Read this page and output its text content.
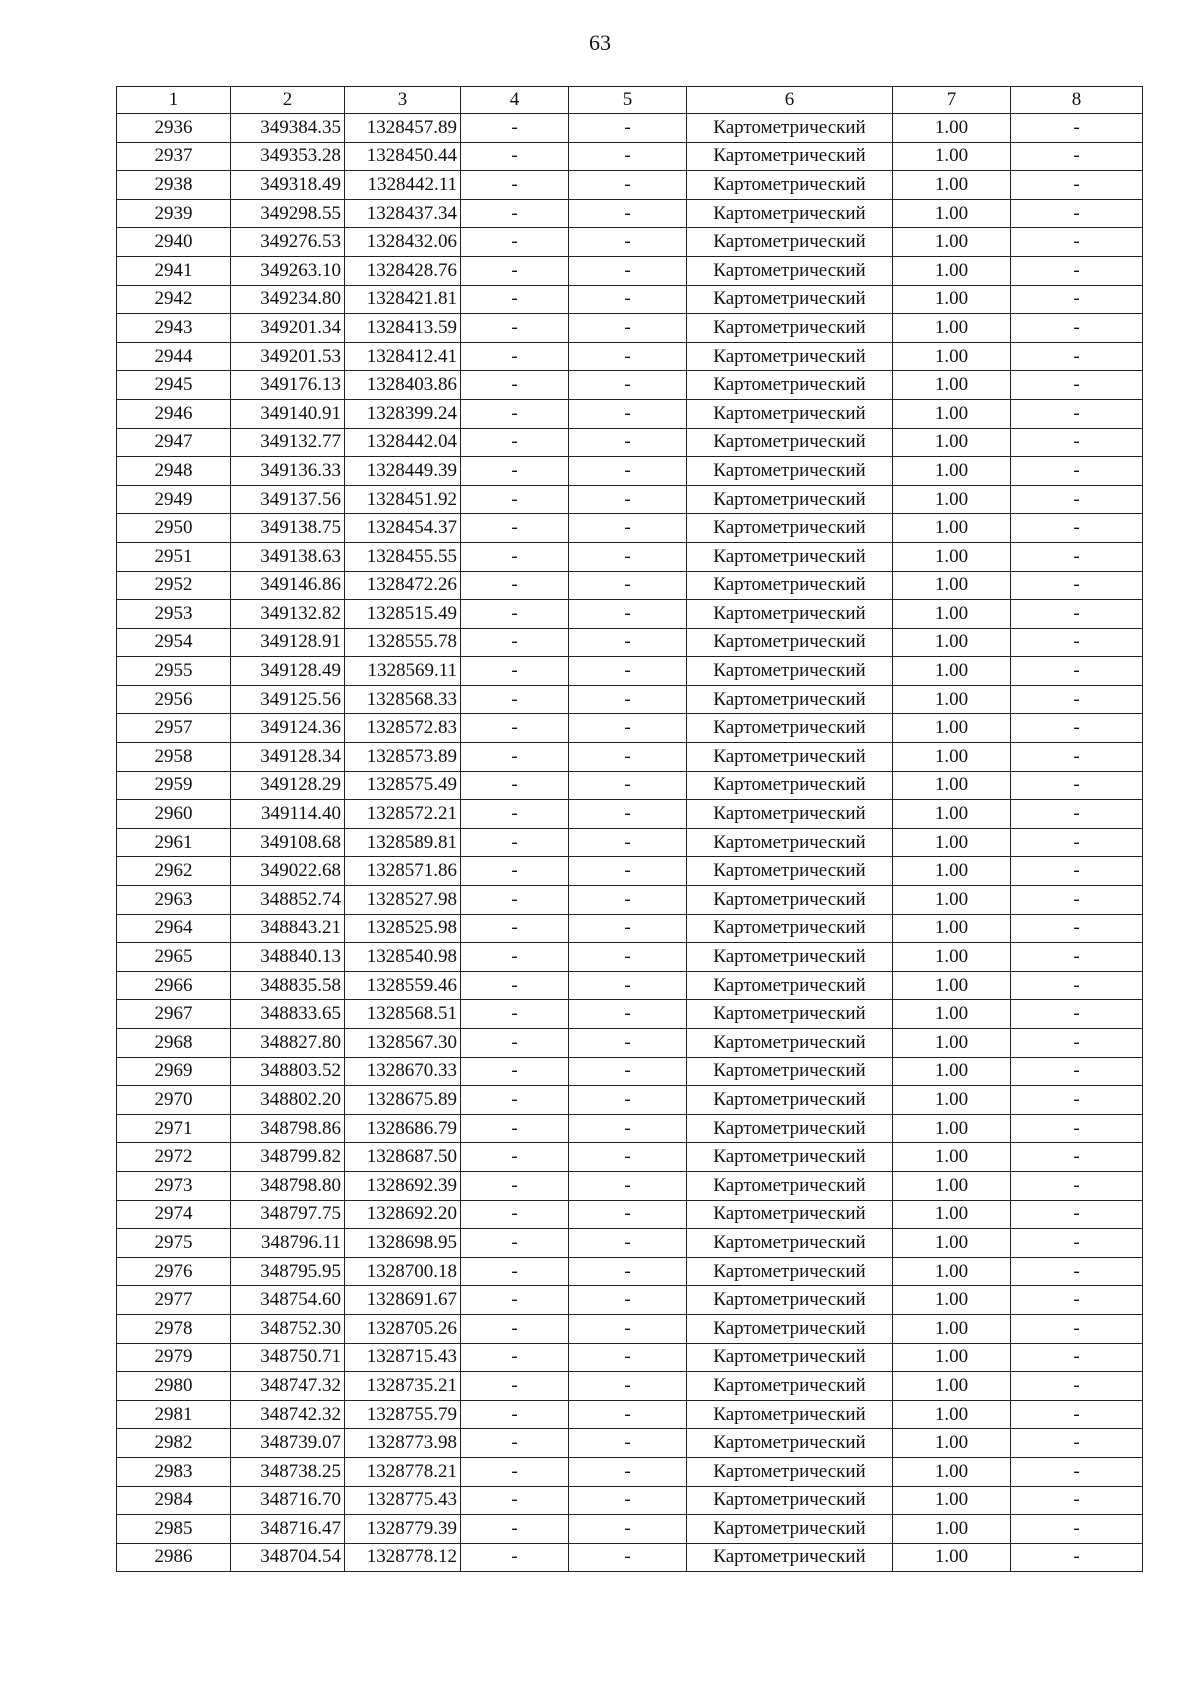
63
1	2	3	4	5	6	7	8
2936	349384.35	1328457.89	-	-	Картометрический	1.00	-
2937	349353.28	1328450.44	-	-	Картометрический	1.00	-
2938	349318.49	1328442.11	-	-	Картометрический	1.00	-
2939	349298.55	1328437.34	-	-	Картометрический	1.00	-
2940	349276.53	1328432.06	-	-	Картометрический	1.00	-
2941	349263.10	1328428.76	-	-	Картометрический	1.00	-
2942	349234.80	1328421.81	-	-	Картометрический	1.00	-
2943	349201.34	1328413.59	-	-	Картометрический	1.00	-
2944	349201.53	1328412.41	-	-	Картометрический	1.00	-
2945	349176.13	1328403.86	-	-	Картометрический	1.00	-
2946	349140.91	1328399.24	-	-	Картометрический	1.00	-
2947	349132.77	1328442.04	-	-	Картометрический	1.00	-
2948	349136.33	1328449.39	-	-	Картометрический	1.00	-
2949	349137.56	1328451.92	-	-	Картометрический	1.00	-
2950	349138.75	1328454.37	-	-	Картометрический	1.00	-
2951	349138.63	1328455.55	-	-	Картометрический	1.00	-
2952	349146.86	1328472.26	-	-	Картометрический	1.00	-
2953	349132.82	1328515.49	-	-	Картометрический	1.00	-
2954	349128.91	1328555.78	-	-	Картометрический	1.00	-
2955	349128.49	1328569.11	-	-	Картометрический	1.00	-
2956	349125.56	1328568.33	-	-	Картометрический	1.00	-
2957	349124.36	1328572.83	-	-	Картометрический	1.00	-
2958	349128.34	1328573.89	-	-	Картометрический	1.00	-
2959	349128.29	1328575.49	-	-	Картометрический	1.00	-
2960	349114.40	1328572.21	-	-	Картометрический	1.00	-
2961	349108.68	1328589.81	-	-	Картометрический	1.00	-
2962	349022.68	1328571.86	-	-	Картометрический	1.00	-
2963	348852.74	1328527.98	-	-	Картометрический	1.00	-
2964	348843.21	1328525.98	-	-	Картометрический	1.00	-
2965	348840.13	1328540.98	-	-	Картометрический	1.00	-
2966	348835.58	1328559.46	-	-	Картометрический	1.00	-
2967	348833.65	1328568.51	-	-	Картометрический	1.00	-
2968	348827.80	1328567.30	-	-	Картометрический	1.00	-
2969	348803.52	1328670.33	-	-	Картометрический	1.00	-
2970	348802.20	1328675.89	-	-	Картометрический	1.00	-
2971	348798.86	1328686.79	-	-	Картометрический	1.00	-
2972	348799.82	1328687.50	-	-	Картометрический	1.00	-
2973	348798.80	1328692.39	-	-	Картометрический	1.00	-
2974	348797.75	1328692.20	-	-	Картометрический	1.00	-
2975	348796.11	1328698.95	-	-	Картометрический	1.00	-
2976	348795.95	1328700.18	-	-	Картометрический	1.00	-
2977	348754.60	1328691.67	-	-	Картометрический	1.00	-
2978	348752.30	1328705.26	-	-	Картометрический	1.00	-
2979	348750.71	1328715.43	-	-	Картометрический	1.00	-
2980	348747.32	1328735.21	-	-	Картометрический	1.00	-
2981	348742.32	1328755.79	-	-	Картометрический	1.00	-
2982	348739.07	1328773.98	-	-	Картометрический	1.00	-
2983	348738.25	1328778.21	-	-	Картометрический	1.00	-
2984	348716.70	1328775.43	-	-	Картометрический	1.00	-
2985	348716.47	1328779.39	-	-	Картометрический	1.00	-
2986	348704.54	1328778.12	-	-	Картометрический	1.00	-
